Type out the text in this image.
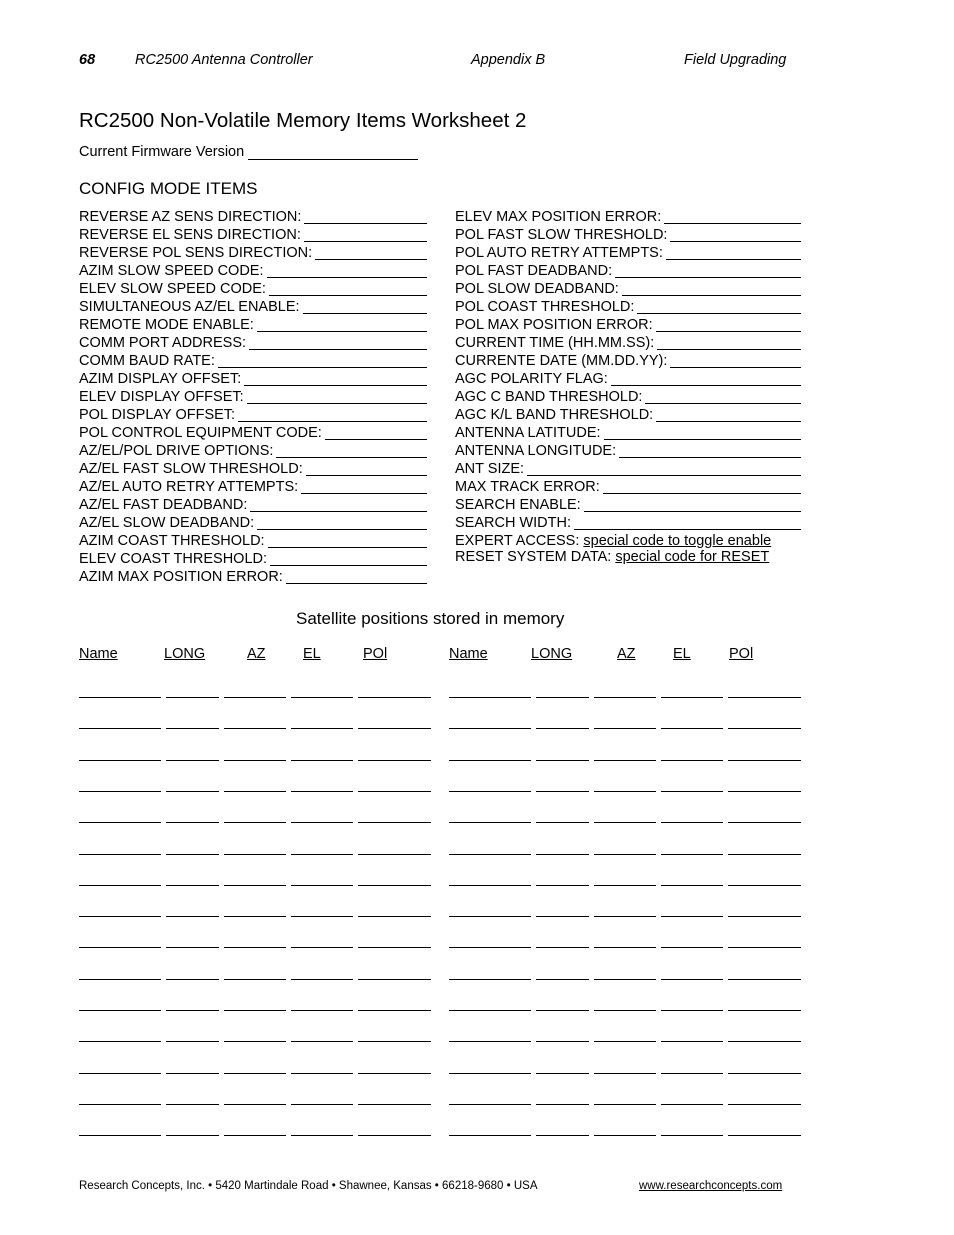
68	RC2500 Antenna Controller	Appendix B	Field Upgrading
RC2500 Non-Volatile Memory Items Worksheet 2
Current Firmware Version
CONFIG MODE ITEMS
REVERSE AZ SENS DIRECTION:
REVERSE EL SENS DIRECTION:
REVERSE POL SENS DIRECTION:
AZIM SLOW SPEED CODE:
ELEV SLOW SPEED CODE:
SIMULTANEOUS AZ/EL ENABLE:
REMOTE MODE ENABLE:
COMM PORT ADDRESS:
COMM BAUD RATE:
AZIM DISPLAY OFFSET:
ELEV DISPLAY OFFSET:
POL DISPLAY OFFSET:
POL CONTROL EQUIPMENT CODE:
AZ/EL/POL DRIVE OPTIONS:
AZ/EL FAST SLOW THRESHOLD:
AZ/EL AUTO RETRY ATTEMPTS:
AZ/EL FAST DEADBAND:
AZ/EL SLOW DEADBAND:
AZIM COAST THRESHOLD:
ELEV COAST THRESHOLD:
AZIM MAX POSITION ERROR:
ELEV MAX POSITION ERROR:
POL FAST SLOW THRESHOLD:
POL AUTO RETRY ATTEMPTS:
POL FAST DEADBAND:
POL SLOW DEADBAND:
POL COAST THRESHOLD:
POL MAX POSITION ERROR:
CURRENT TIME (HH.MM.SS):
CURRENTE DATE (MM.DD.YY):
AGC POLARITY FLAG:
AGC C BAND THRESHOLD:
AGC K/L BAND THRESHOLD:
ANTENNA LATITUDE:
ANTENNA LONGITUDE:
ANT SIZE:
MAX TRACK ERROR:
SEARCH ENABLE:
SEARCH WIDTH:
EXPERT ACCESS: special code to toggle enable
RESET SYSTEM DATA: special code for RESET
Satellite positions stored in memory
Name	LONG	AZ	EL	POl	Name	LONG	AZ	EL	POl
Research Concepts, Inc. • 5420 Martindale Road • Shawnee, Kansas • 66218-9680 • USA	www.researchconcepts.com
